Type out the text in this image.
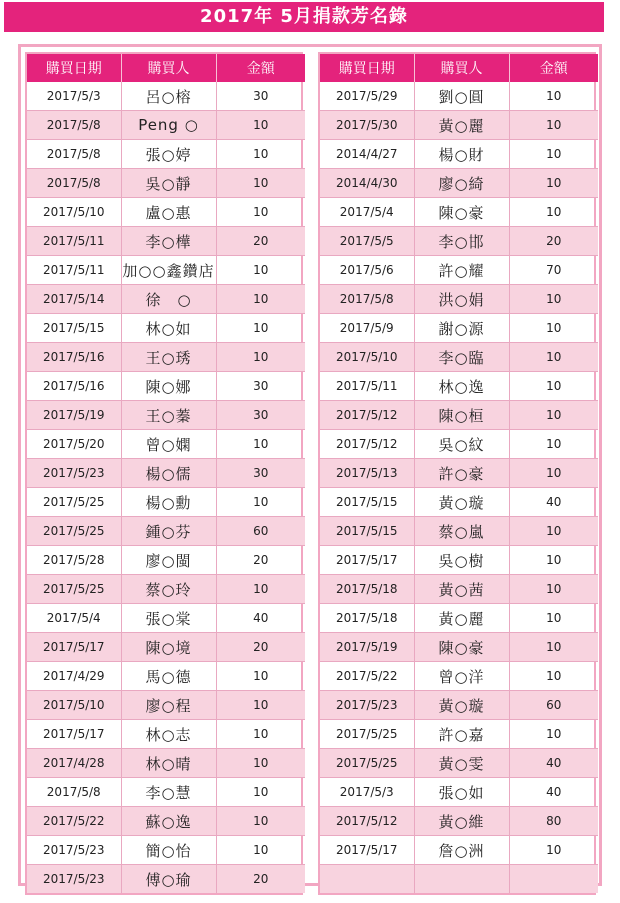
2017年 5月捐款芳名錄
購買日期	購買人	金額
2017/5/3	呂○榕	30
2017/5/8	Peng ○	10
2017/5/8	張○婷	10
2017/5/8	吳○靜	10
2017/5/10	盧○惠	10
2017/5/11	李○樺	20
2017/5/11	加○○鑫鑽店	10
2017/5/14	徐　○	10
2017/5/15	林○如	10
2017/5/16	王○琇	10
2017/5/16	陳○娜	30
2017/5/19	王○蓁	30
2017/5/20	曾○嫻	10
2017/5/23	楊○儒	30
2017/5/25	楊○勳	10
2017/5/25	鍾○芬	60
2017/5/28	廖○閩	20
2017/5/25	蔡○玲	10
2017/5/4	張○棠	40
2017/5/17	陳○境	20
2017/4/29	馬○德	10
2017/5/10	廖○程	10
2017/5/17	林○志	10
2017/4/28	林○晴	10
2017/5/8	李○慧	10
2017/5/22	蘇○逸	10
2017/5/23	簡○怡	10
2017/5/23	傅○瑜	20
購買日期	購買人	金額
2017/5/29	劉○圓	10
2017/5/30	黃○麗	10
2014/4/27	楊○財	10
2014/4/30	廖○綺	10
2017/5/4	陳○豪	10
2017/5/5	李○邯	20
2017/5/6	許○耀	70
2017/5/8	洪○娟	10
2017/5/9	謝○源	10
2017/5/10	李○臨	10
2017/5/11	林○逸	10
2017/5/12	陳○桓	10
2017/5/12	吳○紋	10
2017/5/13	許○豪	10
2017/5/15	黃○璇	40
2017/5/15	蔡○嵐	10
2017/5/17	吳○樹	10
2017/5/18	黃○茜	10
2017/5/18	黃○麗	10
2017/5/19	陳○豪	10
2017/5/22	曾○洋	10
2017/5/23	黃○璇	60
2017/5/25	許○嘉	10
2017/5/25	黃○雯	40
2017/5/3	張○如	40
2017/5/12	黃○維	80
2017/5/17	詹○洲	10
